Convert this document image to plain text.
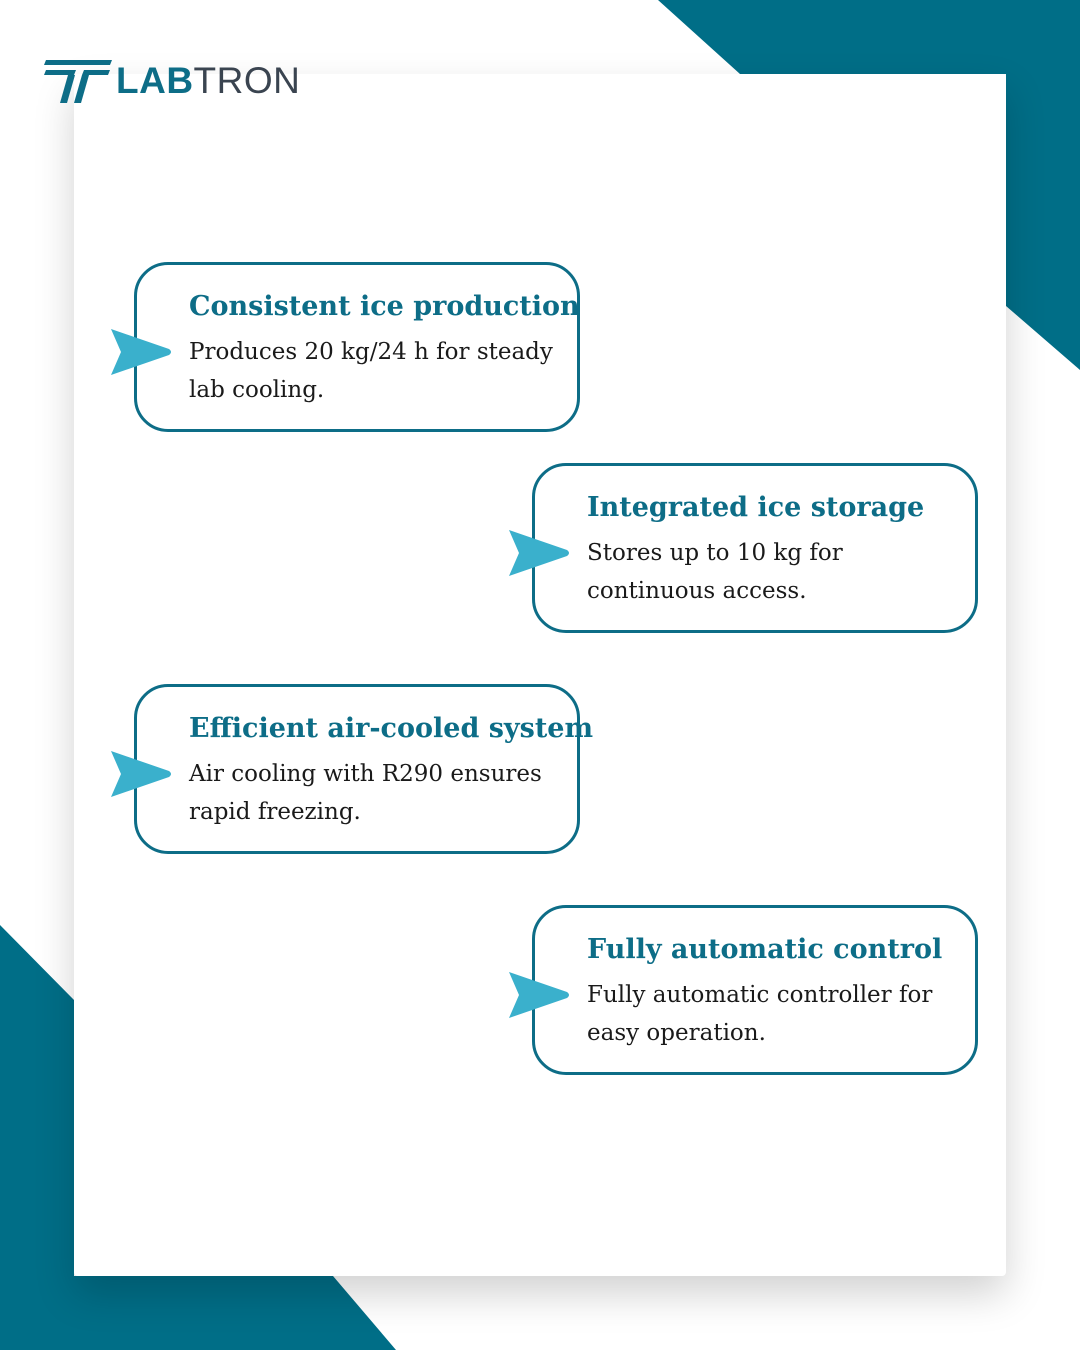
LABTRON
Consistent ice production

Produces 20 kg/24 h for steady lab cooling.

Integrated ice storage

Stores up to 10 kg for continuous access.

Efficient air-cooled system

Air cooling with R290 ensures rapid freezing.

Fully automatic control

Fully automatic controller for easy operation.
